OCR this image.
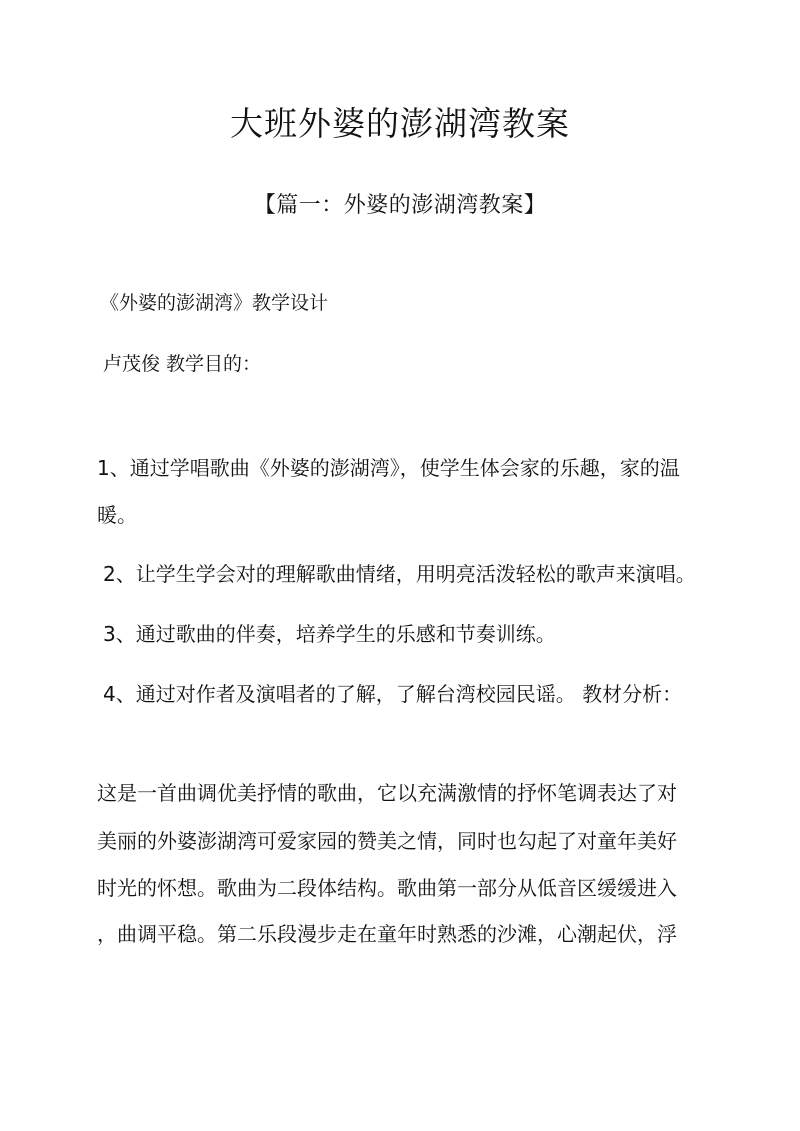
大班外婆的澎湖湾教案
【篇一：外婆的澎湖湾教案】
《外婆的澎湖湾》教学设计
卢茂俊 教学目的：
1、通过学唱歌曲《外婆的澎湖湾》，使学生体会家的乐趣，家的温
暖。
2、让学生学会对的理解歌曲情绪，用明亮活泼轻松的歌声来演唱。
3、通过歌曲的伴奏，培养学生的乐感和节奏训练。
4、通过对作者及演唱者的了解，了解台湾校园民谣。 教材分析：
这是一首曲调优美抒情的歌曲，它以充满激情的抒怀笔调表达了对
美丽的外婆澎湖湾可爱家园的赞美之情，同时也勾起了对童年美好
时光的怀想。歌曲为二段体结构。歌曲第一部分从低音区缓缓进入
，曲调平稳。第二乐段漫步走在童年时熟悉的沙滩，心潮起伏，浮
